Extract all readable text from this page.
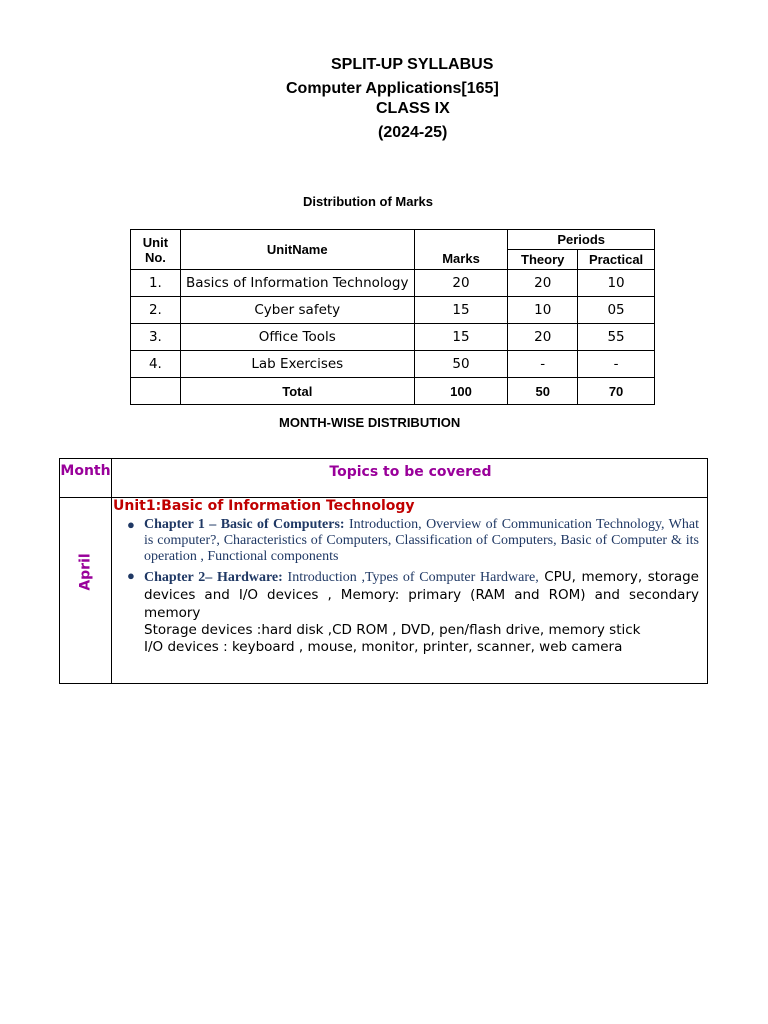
SPLIT-UP SYLLABUS
Computer Applications[165]
CLASS IX
(2024-25)
Distribution of Marks
Unit No.	UnitName	Marks	Periods	
			Theory	Practical
1.	Basics of Information Technology	20	20	10
2.	Cyber safety	15	10	05
3.	Office Tools	15	20	55
4.	Lab Exercises	50	-	-
	Total	100	50	70
MONTH-WISE DISTRIBUTION
Month	Topics to be covered
April
Unit1:Basic of Information Technology
● Chapter 1 – Basic of Computers: Introduction, Overview of Communication Technology, What is computer?, Characteristics of Computers, Classification of Computers, Basic of Computer & its operation , Functional components
● Chapter 2– Hardware: Introduction ,Types of Computer Hardware, CPU, memory, storage devices and I/O devices , Memory: primary (RAM and ROM) and secondary memory
Storage devices :hard disk ,CD ROM , DVD, pen/flash drive, memory stick
I/O devices : keyboard , mouse, monitor, printer, scanner, web camera
